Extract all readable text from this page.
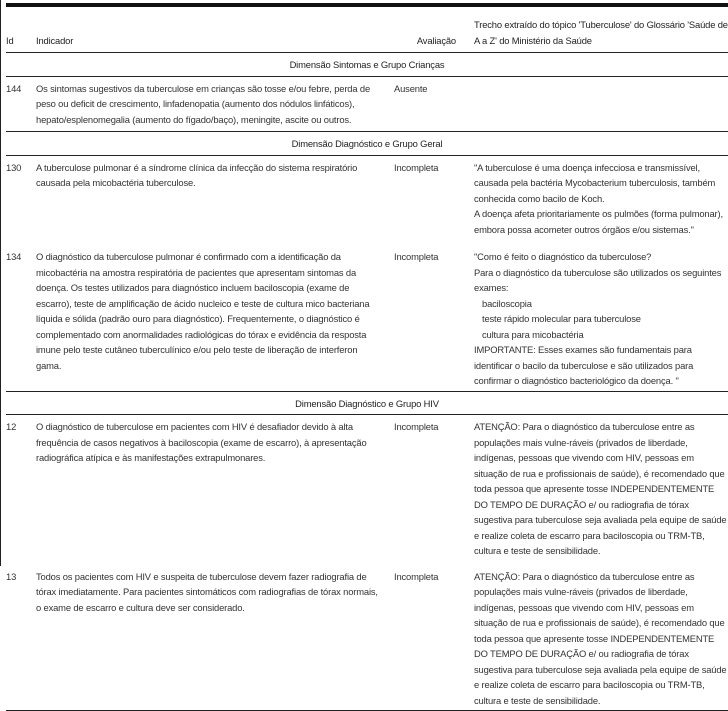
Id	Indicador	Avaliação	Trecho extraído do tópico 'Tuberculose' do Glossário 'Saúde de A a Z' do Ministério da Saúde
Dimensão Sintomas e Grupo Crianças			
144	Os sintomas sugestivos da tuberculose em crianças são tosse e/ou febre, perda de peso ou deficit de crescimento, linfadenopatia (aumento dos nódulos linfáticos), hepato/esplenomegalia (aumento do fígado/baço), meningite, ascite ou outros.	Ausente	
Dimensão Diagnóstico e Grupo Geral			
130	A tuberculose pulmonar é a síndrome clínica da infecção do sistema respiratório causada pela micobactéria tuberculose.	Incompleta	"A tuberculose é uma doença infecciosa e transmissível, causada pela bactéria Mycobacterium tuberculosis, também conhecida como bacilo de Koch.
A doença afeta prioritariamente os pulmões (forma pulmonar), embora possa acometer outros órgãos e/ou sistemas."

134	O diagnóstico da tuberculose pulmonar é confirmado com a identificação da micobactéria na amostra respiratória de pacientes que apresentam sintomas da doença. Os testes utilizados para diagnóstico incluem baciloscopia (exame de escarro), teste de amplificação de ácido nucleico e teste de cultura mico bacteriana líquida e sólida (padrão ouro para diagnóstico). Frequentemente, o diagnóstico é complementado com anormalidades radiológicas do tórax e evidência da resposta imune pelo teste cutâneo tuberculínico e/ou pelo teste de liberação de interferon gama.	Incompleta	"Como é feito o diagnóstico da tuberculose?
Para o diagnóstico da tuberculose são utilizados os seguintes exames:
baciloscopia
teste rápido molecular para tuberculose
cultura para micobactéria
IMPORTANTE: Esses exames são fundamentais para identificar o bacilo da tuberculose e são utilizados para confirmar o diagnóstico bacteriológico da doença. "

Dimensão Diagnóstico e Grupo HIV			
12	O diagnóstico de tuberculose em pacientes com HIV é desafiador devido à alta frequência de casos negativos à baciloscopia (exame de escarro), à apresentação radiográfica atípica e às manifestações extrapulmonares.	Incompleta	ATENÇÃO: Para o diagnóstico da tuberculose entre as populações mais vulne-ráveis (privados de liberdade, indígenas, pessoas que vivendo com HIV, pessoas em situação de rua e profissionais de saúde), é recomendado que toda pessoa que apresente tosse INDEPENDENTEMENTE DO TEMPO DE DURAÇÃO e/ ou radiografia de tórax sugestiva para tuberculose seja avaliada pela equipe de saúde e realize coleta de escarro para baciloscopia ou TRM-TB, cultura e teste de sensibilidade.
13	Todos os pacientes com HIV e suspeita de tuberculose devem fazer radiografia de tórax imediatamente. Para pacientes sintomáticos com radiografias de tórax normais, o exame de escarro e cultura deve ser considerado.	Incompleta	ATENÇÃO: Para o diagnóstico da tuberculose entre as populações mais vulne-ráveis (privados de liberdade, indígenas, pessoas que vivendo com HIV, pessoas em situação de rua e profissionais de saúde), é recomendado que toda pessoa que apresente tosse INDEPENDENTEMENTE DO TEMPO DE DURAÇÃO e/ ou radiografia de tórax sugestiva para tuberculose seja avaliada pela equipe de saúde e realize coleta de escarro para baciloscopia ou TRM-TB, cultura e teste de sensibilidade.
